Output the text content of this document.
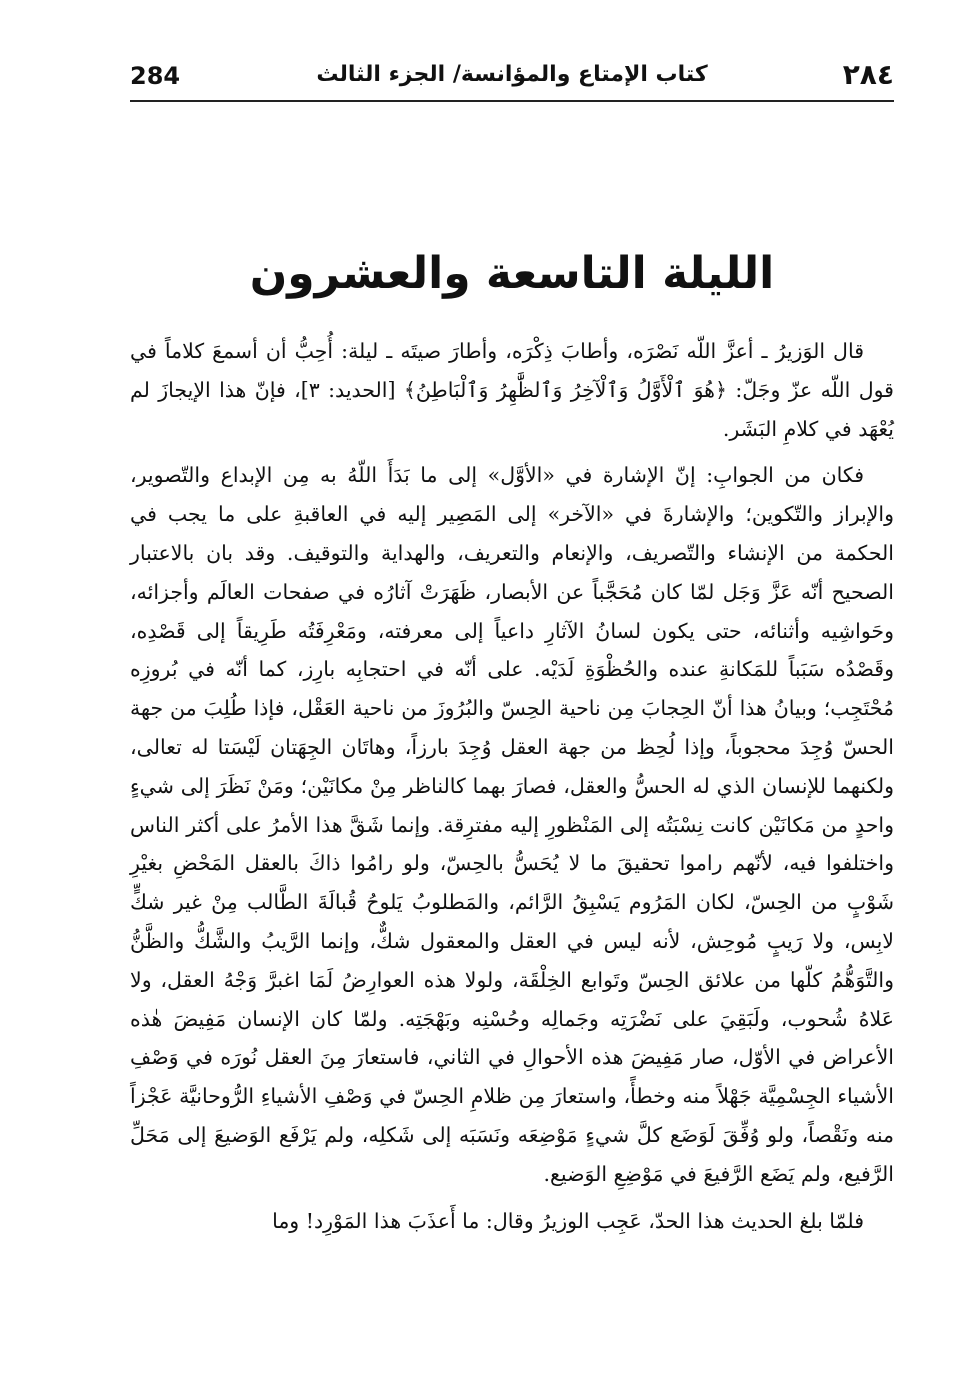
284	كتاب الإمتاع والمؤانسة/ الجزء الثالث	٢٨٤
الليلة التاسعة والعشرون

قال الوَزيرُ ـ أعزَّ اللّه نَصْرَه، وأطابَ ذِكْرَه، وأطارَ صيتَه ـ ليلة: أُحِبُّ أن أسمعَ كلاماً في قول اللّه عزّ وجَلّ: ﴿هُوَ ٱلْأَوَّلُ وَٱلْآخِرُ وَٱلظَّٰهِرُ وَٱلْبَاطِنُ﴾ [الحديد: ٣]، فإنّ هذا الإيجازَ لم يُعْهَد في كلامِ البَشَر.

فكان من الجوابِ: إنّ الإشارة في «الأوَّل» إلى ما بَدَأَ اللّهُ به مِن الإبداع والتّصوير، والإبراز والتّكوين؛ والإشارةَ في «الآخر» إلى المَصِير إليه في العاقبةِ على ما يجب في الحكمة من الإنشاء والتّصريف، والإنعام والتعريف، والهداية والتوقيف. وقد بان بالاعتبار الصحيح أنّه عَزَّ وَجَل لمّا كان مُحَجَّباً عن الأبصار، ظَهَرَتْ آثارُه في صفحات العالَم وأجزائه، وحَواشِيه وأثنائه، حتى يكون لسانُ الآثارِ داعياً إلى معرفته، ومَعْرِفَتُه طَرِيقاً إلى قَصْدِه، وقَصْدُه سَبَباً للمَكانةِ عنده والحُظْوَةِ لَدَيْه. على أنّه في احتجابِه بارِز، كما أنّه في بُروزِه مُحْتَجِب؛ وبيانُ هذا أنّ الحِجابَ مِن ناحية الحِسّ والبُرُوزَ من ناحية العَقْل، فإذا طُلِبَ من جهة الحسّ وُجِدَ محجوباً، وإذا لُحِظ من جهة العقل وُجِدَ بارزاً، وهاتَان الجِهَتان لَيْسَتا له تعالى، ولكنهما للإنسان الذي له الحسُّ والعقل، فصارَ بهما كالناظر مِنْ مكانَيْن؛ ومَنْ نَظَرَ إلى شيءٍ واحدٍ من مَكانَيْن كانت نِسْبَتُه إلى المَنْظورِ إليه مفترِقة. وإنما شَقَّ هذا الأمرُ على أكثر الناس واختلفوا فيه، لأنّهم راموا تحقيقَ ما لا يُحَسُّ بالحِسّ، ولو رامُوا ذاكَ بالعقل المَحْضِ بغيْرِ شَوْبٍ من الحِسّ، لكان المَرُوم يَسْبِقُ الرَّائم، والمَطلوبُ يَلوحُ قُبالَةَ الطَّالب مِنْ غير شكٍّ لابِس، ولا رَيبٍ مُوحِش، لأنه ليس في العقل والمعقول شكٌّ، وإنما الرَّيبُ والشَّكُّ والظَّنُّ والتَّوَهُّمُ كلّها من علائق الحِسّ وتَوابع الخِلْقَة، ولولا هذه العوارِضُ لَمَا اغبرَّ وَجْهُ العقل، ولا عَلاهُ شُحوب، ولَبَقِيَ على نَضْرَتِه وجَمالِه وحُسْنِه وبَهْجَتِه. ولمّا كان الإنسان مَفِيضَ هٰذه الأعراض في الأوّل، صار مَفِيضَ هذه الأحوالِ في الثاني، فاستعارَ مِنَ العقل نُورَه في وَصْفِ الأشياء الجِسْمِيَّة جَهْلاً منه وخطأً، واستعارَ مِن ظلامِ الحِسّ في وَصْفِ الأشياءِ الرُّوحانيَّة عَجْزاً منه ونَقْصاً، ولو وُفِّقَ لَوَضَع كلَّ شيءٍ مَوْضِعَه ونَسَبَه إلى شَكلِه، ولم يَرْفَع الوَضيعَ إلى مَحَلِّ الرَّفيع، ولم يَضَع الرَّفيعَ في مَوْضِعِ الوَضيع.

فلمّا بلغ الحديث هذا الحدّ، عَجِب الوزيرُ وقال: ما أَعذَبَ هذا المَوْرِد! وما
